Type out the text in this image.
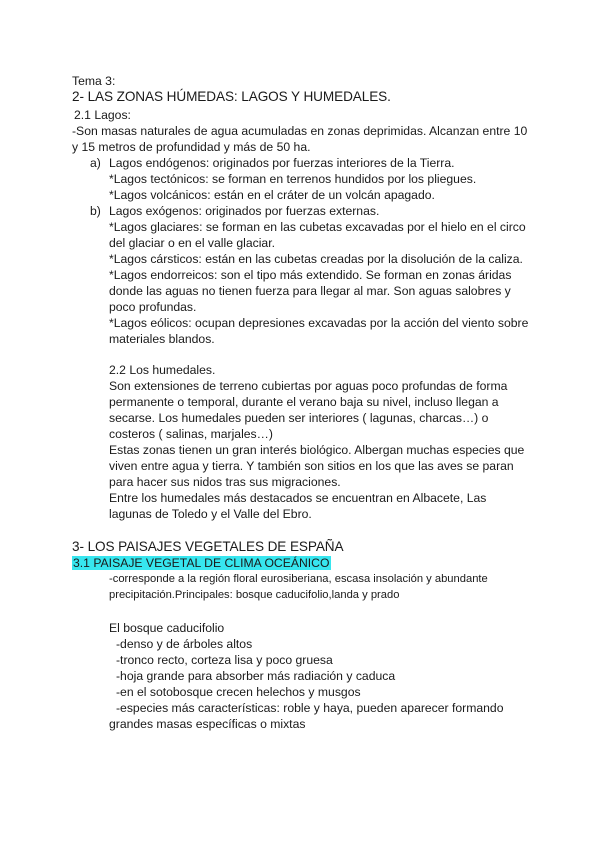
Tema 3:
2- LAS ZONAS HÚMEDAS: LAGOS Y HUMEDALES.
2.1 Lagos:
-Son masas naturales de agua acumuladas en zonas deprimidas. Alcanzan entre 10
y 15 metros de profundidad y más de 50 ha.
a) Lagos endógenos: originados por fuerzas interiores de la Tierra.
*Lagos tectónicos: se forman en terrenos hundidos por los pliegues.
*Lagos volcánicos: están en el cráter de un volcán apagado.
b) Lagos exógenos: originados por fuerzas externas.
*Lagos glaciares: se forman en las cubetas excavadas por el hielo en el circo
del glaciar o en el valle glaciar.
*Lagos cársticos: están en las cubetas creadas por la disolución de la caliza.
*Lagos endorreicos: son el tipo más extendido. Se forman en zonas áridas
donde las aguas no tienen fuerza para llegar al mar. Son aguas salobres y
poco profundas.
*Lagos eólicos: ocupan depresiones excavadas por la acción del viento sobre
materiales blandos.
2.2 Los humedales.
Son extensiones de terreno cubiertas por aguas poco profundas de forma
permanente o temporal, durante el verano baja su nivel, incluso llegan a
secarse. Los humedales pueden ser interiores ( lagunas, charcas…) o
costeros ( salinas, marjales…)
Estas zonas tienen un gran interés biológico. Albergan muchas especies que
viven entre agua y tierra. Y también son sitios en los que las aves se paran
para hacer sus nidos tras sus migraciones.
Entre los humedales más destacados se encuentran en Albacete, Las
lagunas de Toledo y el Valle del Ebro.
3- LOS PAISAJES VEGETALES DE ESPAÑA
3.1 PAISAJE VEGETAL DE CLIMA OCEÁNICO
-corresponde a la región floral eurosiberiana, escasa insolación y abundante
precipitación.Principales: bosque caducifolio,landa y prado
El bosque caducifolio
-denso y de árboles altos
-tronco recto, corteza lisa y poco gruesa
-hoja grande para absorber más radiación y caduca
-en el sotobosque crecen helechos y musgos
-especies más características: roble y haya, pueden aparecer formando
grandes masas específicas o mixtas
